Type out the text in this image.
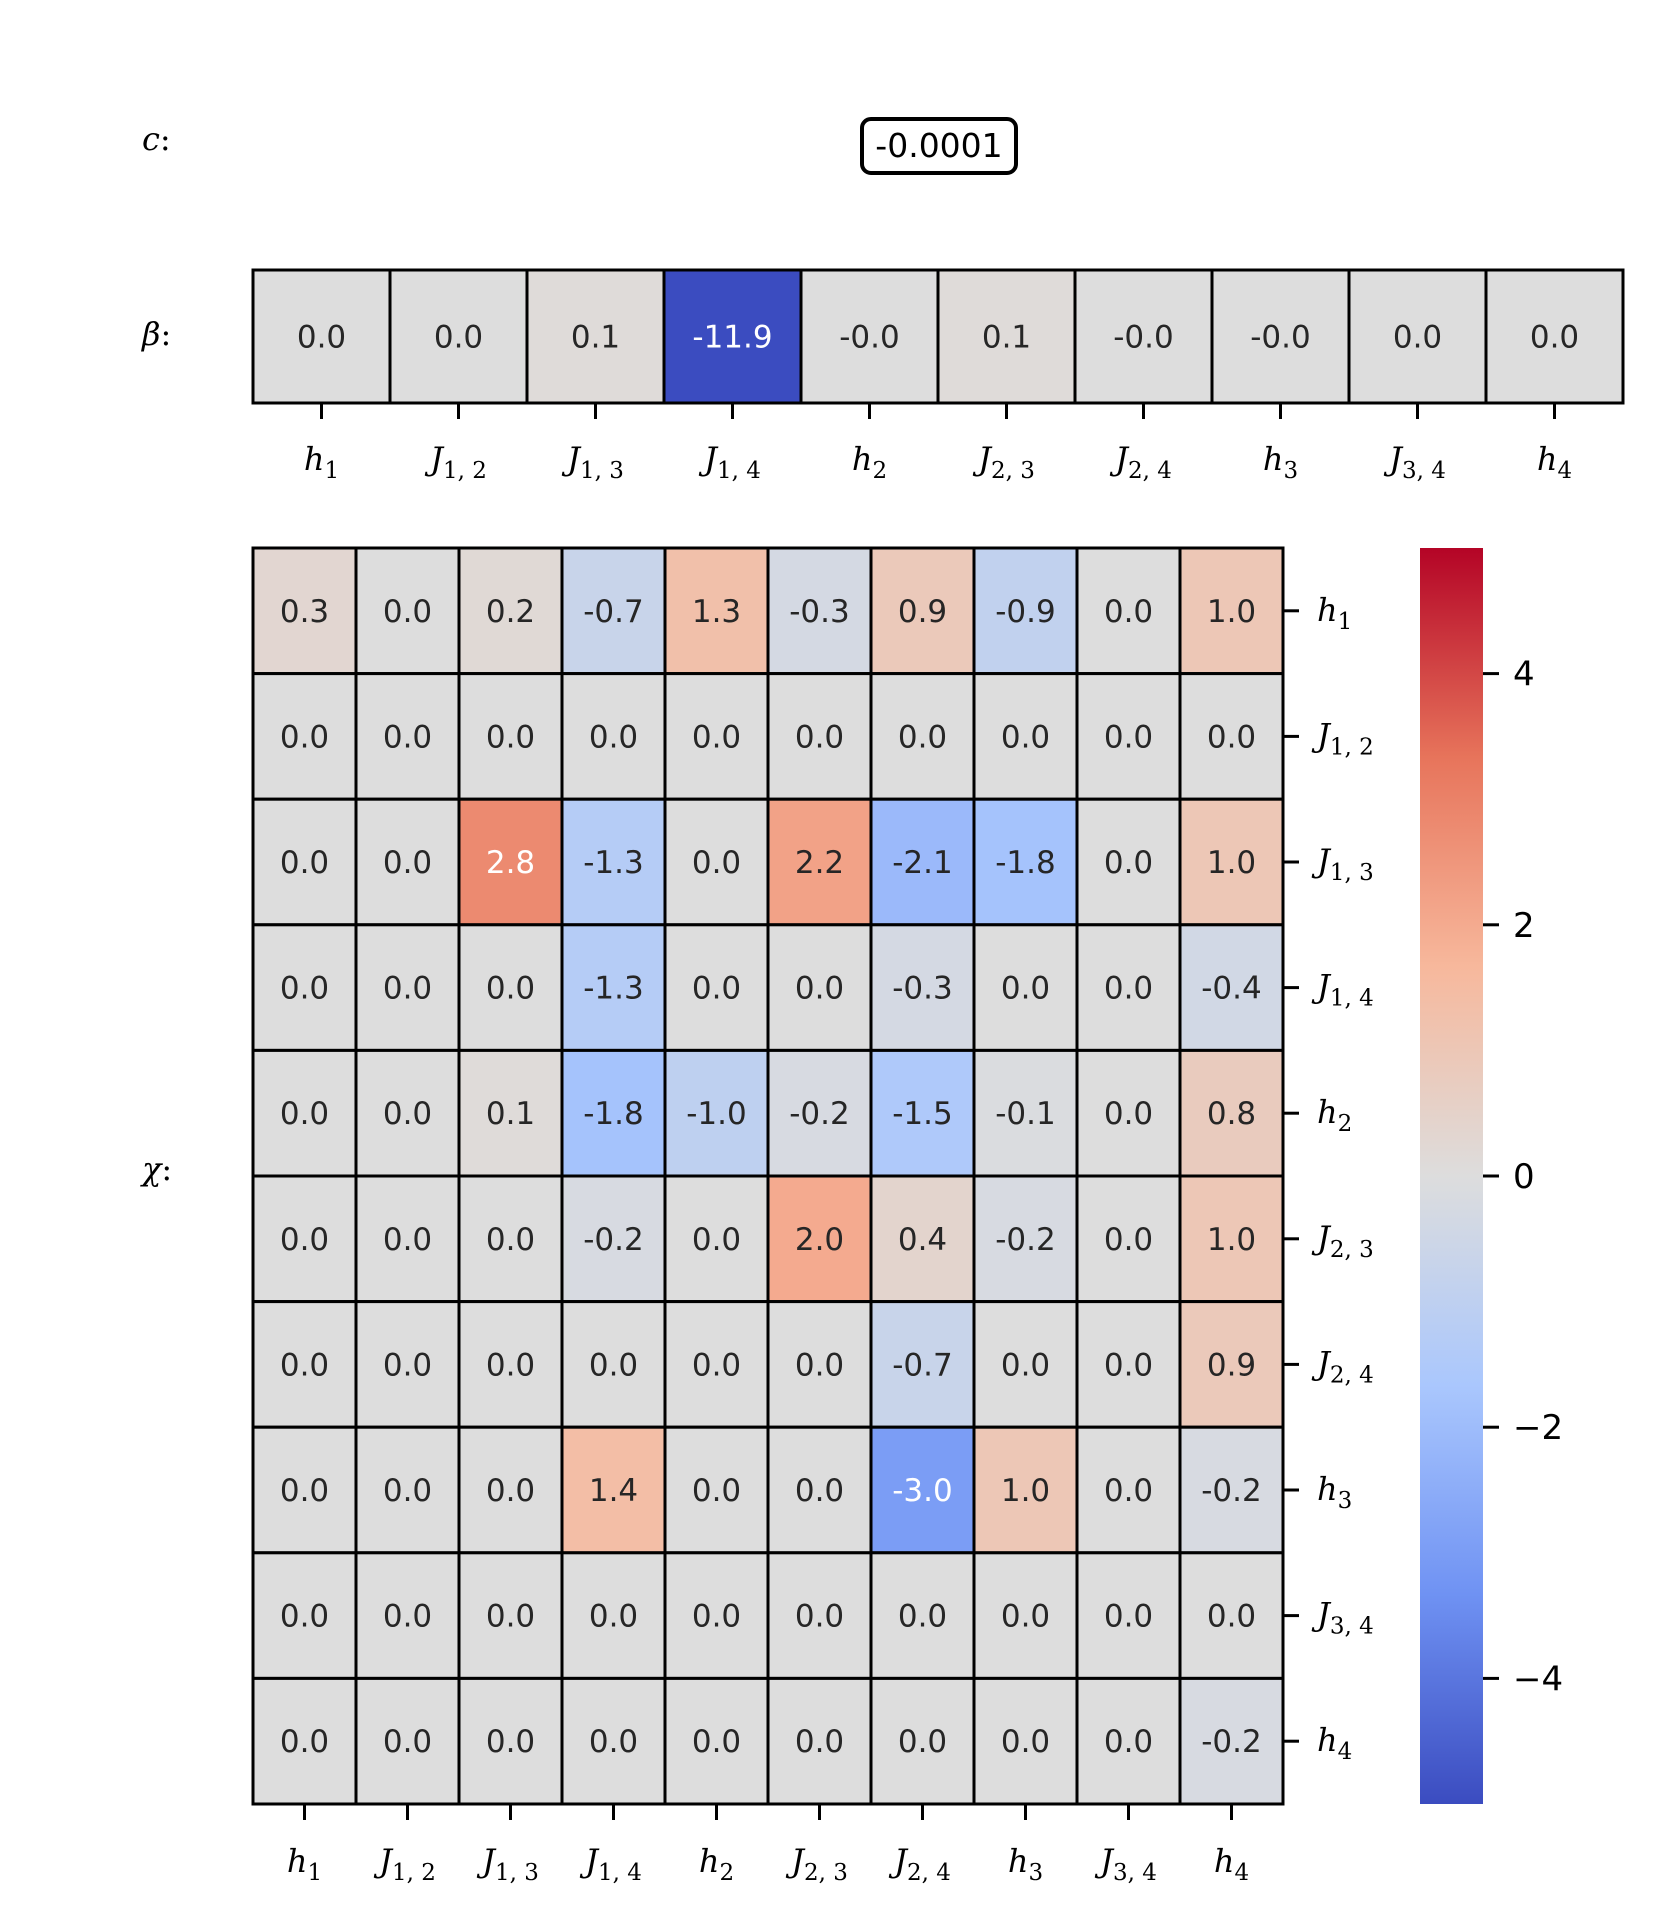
c:	-0.0001
β:	0.0
$h_1$
0.0
$J_{1, 2}$
0.1
$J_{1, 3}$
-11.9
$J_{1, 4}$
-0.0
$h_2$
0.1
$J_{2, 3}$
-0.0
$J_{2, 4}$
-0.0
$h_3$
0.0
$J_{3, 4}$
0.0
$h_4$
χ:
0.3 0.0 0.2 -0.7 1.3 -0.3 0.9 -0.9 0.0 1.0
0.0 0.0 0.0 0.0 0.0 0.0 0.0 0.0 0.0 0.0
0.0 0.0 2.8 -1.3 0.0 2.2 -2.1 -1.8 0.0 1.0
0.0 0.0 0.0 -1.3 0.0 0.0 -0.3 0.0 0.0 -0.4
0.0 0.0 0.1 -1.8 -1.0 -0.2 -1.5 -0.1 0.0 0.8
0.0 0.0 0.0 -0.2 0.0 2.0 0.4 -0.2 0.0 1.0
0.0 0.0 0.0 0.0 0.0 0.0 -0.7 0.0 0.0 0.9
0.0 0.0 0.0 1.4 0.0 0.0 -3.0 1.0 0.0 -0.2
0.0 0.0 0.0 0.0 0.0 0.0 0.0 0.0 0.0 0.0
0.0 0.0 0.0 0.0 0.0 0.0 0.0 0.0 0.0 -0.2
$h_1$ $J_{1, 2}$ $J_{1, 3}$ $J_{1, 4}$ $h_2$ $J_{2, 3}$ $J_{2, 4}$ $h_3$ $J_{3, 4}$ $h_4$
$h_1$
$J_{1, 2}$
$J_{1, 3}$
$J_{1, 4}$
$h_2$
$J_{2, 3}$
$J_{2, 4}$
$h_3$
$J_{3, 4}$
$h_4$
4
2
0
−2
−4
